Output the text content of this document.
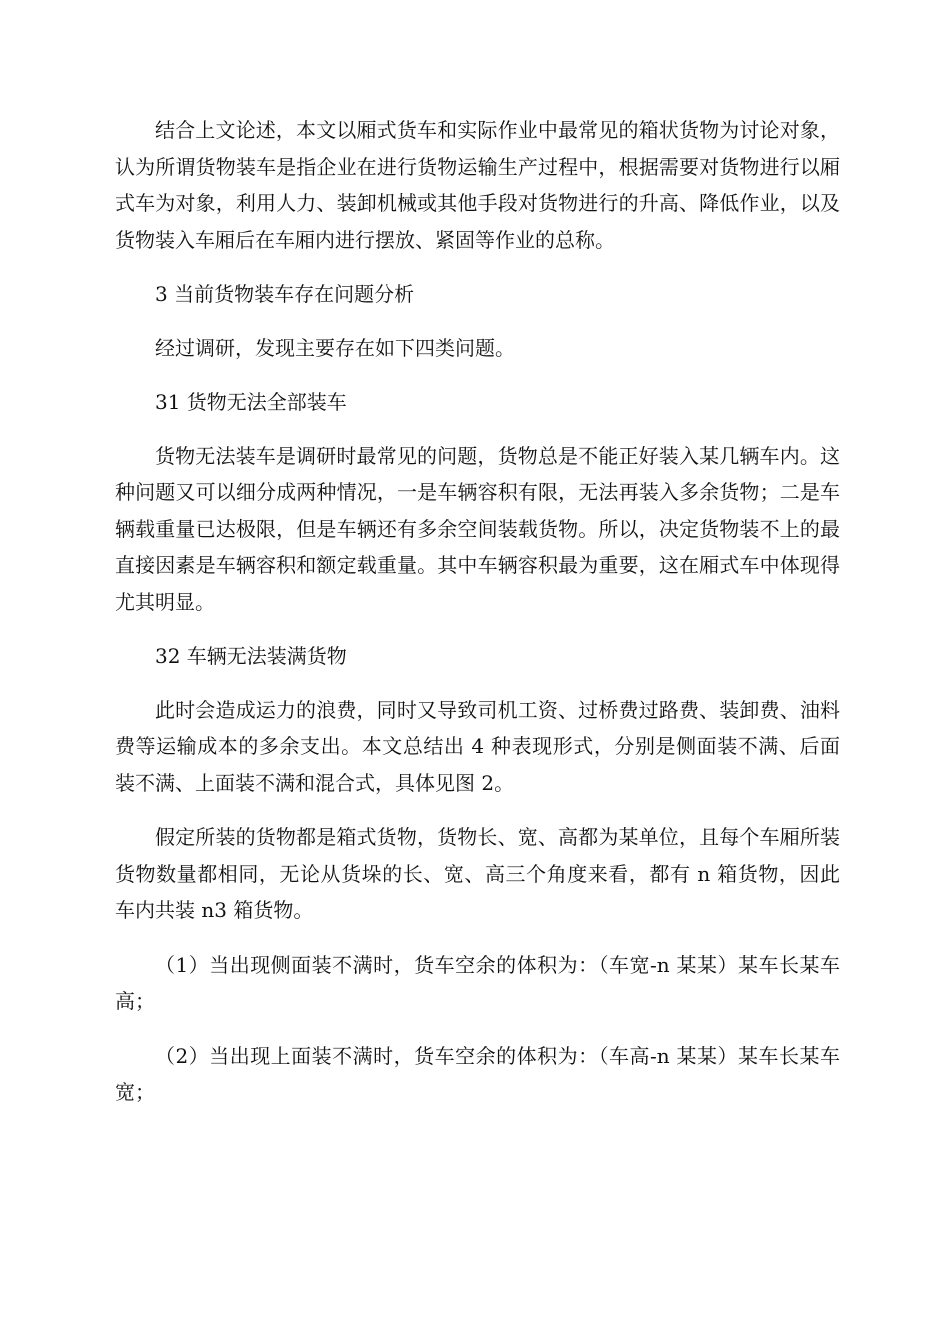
结合上文论述，本文以厢式货车和实际作业中最常见的箱状货物为讨论对象，认为所谓货物装车是指企业在进行货物运输生产过程中，根据需要对货物进行以厢式车为对象，利用人力、装卸机械或其他手段对货物进行的升高、降低作业，以及货物装入车厢后在车厢内进行摆放、紧固等作业的总称。

3 当前货物装车存在问题分析

经过调研，发现主要存在如下四类问题。

31 货物无法全部装车

货物无法装车是调研时最常见的问题，货物总是不能正好装入某几辆车内。这种问题又可以细分成两种情况，一是车辆容积有限，无法再装入多余货物；二是车辆载重量已达极限，但是车辆还有多余空间装载货物。所以，决定货物装不上的最直接因素是车辆容积和额定载重量。其中车辆容积最为重要，这在厢式车中体现得尤其明显。

32 车辆无法装满货物

此时会造成运力的浪费，同时又导致司机工资、过桥费过路费、装卸费、油料费等运输成本的多余支出。本文总结出 4 种表现形式，分别是侧面装不满、后面装不满、上面装不满和混合式，具体见图 2。

假定所装的货物都是箱式货物，货物长、宽、高都为某单位，且每个车厢所装货物数量都相同，无论从货垛的长、宽、高三个角度来看，都有 n 箱货物，因此车内共装 n3 箱货物。

（1）当出现侧面装不满时，货车空余的体积为：（车宽-n 某某）某车长某车高；

（2）当出现上面装不满时，货车空余的体积为：（车高-n 某某）某车长某车宽；
